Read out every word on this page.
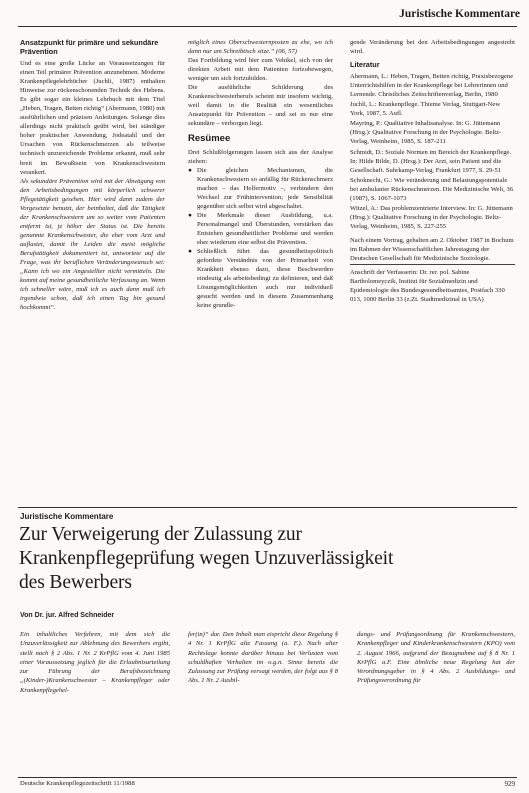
Juristische Kommentare
Ansatzpunkt für primäre und sekundäre Prävention

Und es eine große Lücke an Voraussetzungen für einen Teil primärer Prävention anzunehmen. Moderne Krankenpflegelehrbücher (Juchli, 1987) enthalten Hinweise zur rückenschonenden Technik des Hebens. Es gibt sogar ein kleines Lehrbuch mit dem Titel „Heben, Tragen, Betten richtig“ (Abermann, 1980) mit ausführlichen und präzisen Anleitungen. Solange dies allerdings nicht praktisch geübt wird, bei ständiger hoher praktischer Anwendung, Jodeatahl und der Ursachen von Rückenschmerzen als teilweise technisch unzureichende Probleme erkannt, muß sehr breit im Bewußtsein von Krankenschwestern verankert.

Als sekundäre Prävention wird mit der Abwägung von den Arbeitsbedingungen mit körperlich schwerer Pflegetätigkeit gesehen. Hier wird dann zudem der Vorgesetzte benutzt, der beinhaltet, daß die Tätigkeit der Krankenschwestern um so weiter vom Patienten entfernt ist, je höher der Status ist. Die bereits genannte Krankenschwester, die eher vom Arzt und auflastet, damit ihr Leiden die meist mögliche Berufstätigkeit dokumentiert ist, antwortete auf die Frage, was ihr beruflichen Veränderungswunsch sei: „Kann ich wo ein Angestellter nicht vermitteln. Die kommt auf meine gesundheitliche Verfassung an. Wenn ich schneller wäre, muß ich es auch dann muß ich irgendwie schon, daß ich einen Tag bin gesund hochkommt“.

möglich eines Oberschwesternposten zu ehe, wo ich dann nur am Schreibtisch sitze.“ (06, 57)

Das Fortbildung wird hier zum Vehikel, sich von der direkten Arbeit mit dem Patienten fortzubewegen, weniger um sich fortzubilden.

Die ausführliche Schilderung des Krankenschwesterberufs scheint mir insofern wichtig, weil damit in die Realität ein wesentliches Ansatzpunkt für Prävention – und sei es nur eine sekundäre – verborgen liegt.

Resümee

Drei Schlußfolgerungen lassen sich aus der Analyse ziehen:

● Die gleichen Mechanismen, die Krankenschwestern so anfällig für Rückenschmerz machen – das Helfermotiv –, verhindern den Wechsel zur Frühintervention; jede Sensibilität gegenüber sich selbst wird abgeschaltet.
● Die Merkmale dieser Ausbildung, u.a. Personalmangel und Überstunden, verstärken das Entstehen gesundheitlicher Probleme und werden eher wiederum eine selbst die Prävention.
● Schließlich führt das gesundheitspolitisch gefordete Verständnis von der Primarheit von Krankheit ebenso dazu, diese Beschwerden eindeutig als arbeitsbedingt zu definieren, und daß Lösungsmöglichkeiten auch nur individuell gesucht werden und in diesem Zusammenhang keine grundle-

gende Veränderung bei den Arbeitsbedingungen angestrebt wird.

Literatur

Abermann, L.: Heben, Tragen, Betten richtig, Praxisbezogene Unterrichtshilfen in der Krankenpflege bei Lehrerinnen und Lernende. Christliches Zeitschriftenverlag, Berlin, 1980

Juchli, L.: Krankenpflege. Thieme Verlag, Stuttgart-New York, 1987, 5. Aufl.

Mayring, P.: Qualitative Inhaltsanalyse. In: G. Jüttemann (Hrsg.): Qualitative Forschung in der Psychologie. Beltz-Verlag, Weinheim, 1985, S. 187-211

Schmidt, D.: Soziale Normen im Bereich der Krankenpflege. In: Hilde Bilde, D. (Hrsg.): Der Arzt, sein Patient und die Gesellschaft. Suhrkamp-Verlag, Frankfurt 1977, S. 29-51

Schoknecht, G.: Wie veränderung und Belastungspotentiale bei ambulanter Rückenschmerzen. Die Medizinische Welt, 36 (1987), S. 1067-1073

Witzel, A.: Das problemzentrierte Interview. In: G. Jüttemann (Hrsg.): Qualitative Forschung in der Psychologie. Beltz-Verlag, Weinheim, 1985, S. 227-255

Nach einem Vortrag, gehalten am 2. Oktober 1987 in Bochum im Rahmen der Wissenschaftlichen Jahrestagung der Deutschen Gesellschaft für Medizinische Soziologie.

Anschrift der Verfasserin: Dr. rer. pol. Sabine Bartholomeyczik, Institut für Sozialmedizin und Epidemiologie des Bundesgesundheitsamtes, Postfach 330 013, 1000 Berlin 33 (z.Zt. Stadtmedizinal in USA)

Juristische Kommentare
Zur Verweigerung der Zulassung zur
Krankenpflegeprüfung wegen Unzuverlässigkeit
des Bewerbers
Von Dr. jur. Alfred Schneider

Ein inhaltliches Verfahren, mit dem sich die Unzuverlässigkeit zur Ablehnung des Bewerbers ergibt, stellt nach § 2 Abs. 1 Nr. 2 KrPflG vom 4. Juni 1985 einer Voraussetzung jeglich für die Erlaubnisurteilung zur Führung der Berufsbezeichnung „(Kinder-)Krankenschwester – Krankenpfleger oder Krankenpflegehel-

fer(in)“ dar. Den Inhalt man eispricht diese Regelung § 4 Nr. 1 KrPflG alte Fassung (a. F.). Nach alter Rechtslage konnte darüber hinaus bei Verlusten vom schuldhaften Verhalten im o.g.n. Sinne bereits die Zulassung zur Prüfung versagt werden, der folgt aus § 8 Abs. 1 Nr. 2 Ausbil-

dungs- und Prüfungsordnung für Krankenschwestern, Krankenpfleger und Kinderkrankenschwestern (KPO) vom 2. August 1966, aufgrund der Bezugnahme auf § 8 Nr. 1 KrPflG a.F. Eine ähnliche neue Regelung hat der Verordnungsgeber in § 4 Abs. 2 Ausbildungs- und Prüfungsverordnung für

Deutsche Krankenpflegezeitschrift 11/1988	929
